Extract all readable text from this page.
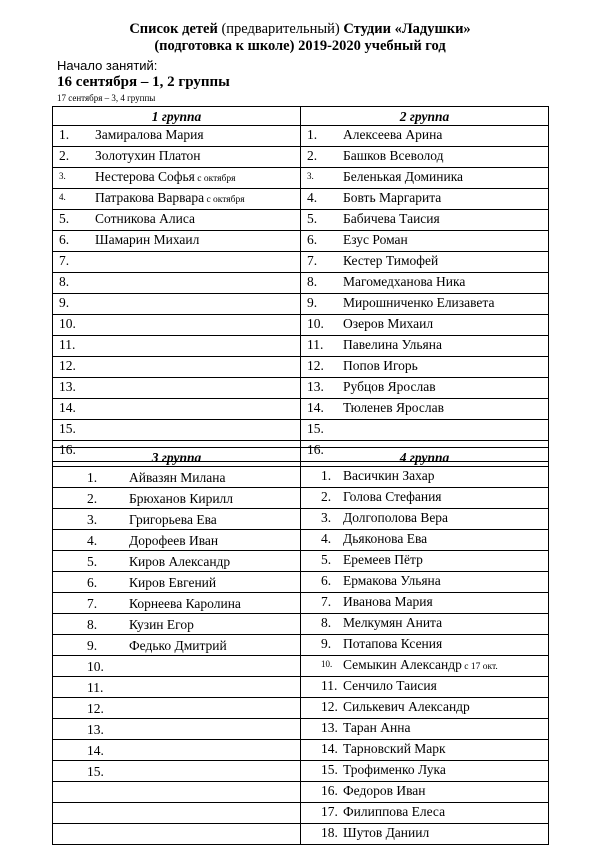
Список детей (предварительный) Студии «Ладушки»
(подготовка к школе) 2019-2020 учебный год
Начало занятий:
16 сентября – 1, 2 группы
17 сентября – 3, 4 группы
1 группа	2 группа
1. Замиралова Мария	1. Алексеева Арина
2. Золотухин Платон	2. Башков Всеволод
3. Нестерова Софья с октября	3. Беленькая Доминика
4. Патракова Варвара с октября	4. Бовть Маргарита
5. Сотникова Алиса	5. Бабичева Таисия
6. Шамарин Михаил	6. Езус Роман
7.	7. Кестер Тимофей
8.	8. Магомедханова Ника
9.	9. Мирошниченко Елизавета
10.	10. Озеров Михаил
11.	11. Павелина Ульяна
12.	12. Попов Игорь
13.	13. Рубцов Ярослав
14.	14. Тюленев Ярослав
15.	15.
16.	16.
3 группа	4 группа
1. Айвазян Милана	1. Васичкин Захар
2. Брюханов Кирилл	2. Голова Стефания
3. Григорьева Ева	3. Долгополова Вера
4. Дорофеев Иван	4. Дьяконова Ева
5. Киров Александр	5. Еремеев Пётр
6. Киров Евгений	6. Ермакова Ульяна
7. Корнеева Каролина	7. Иванова Мария
8. Кузин Егор	8. Мелкумян Анита
9. Федько Дмитрий	9. Потапова Ксения
10.	10. Семыкин Александр с 17 окт.
11.	11. Сенчило Таисия
12.	12. Силькевич Александр
13.	13. Таран Анна
14.	14. Тарновский Марк
15.	15. Трофименко Лука
	16. Федоров Иван
	17. Филиппова Елеса
	18. Шутов Даниил
